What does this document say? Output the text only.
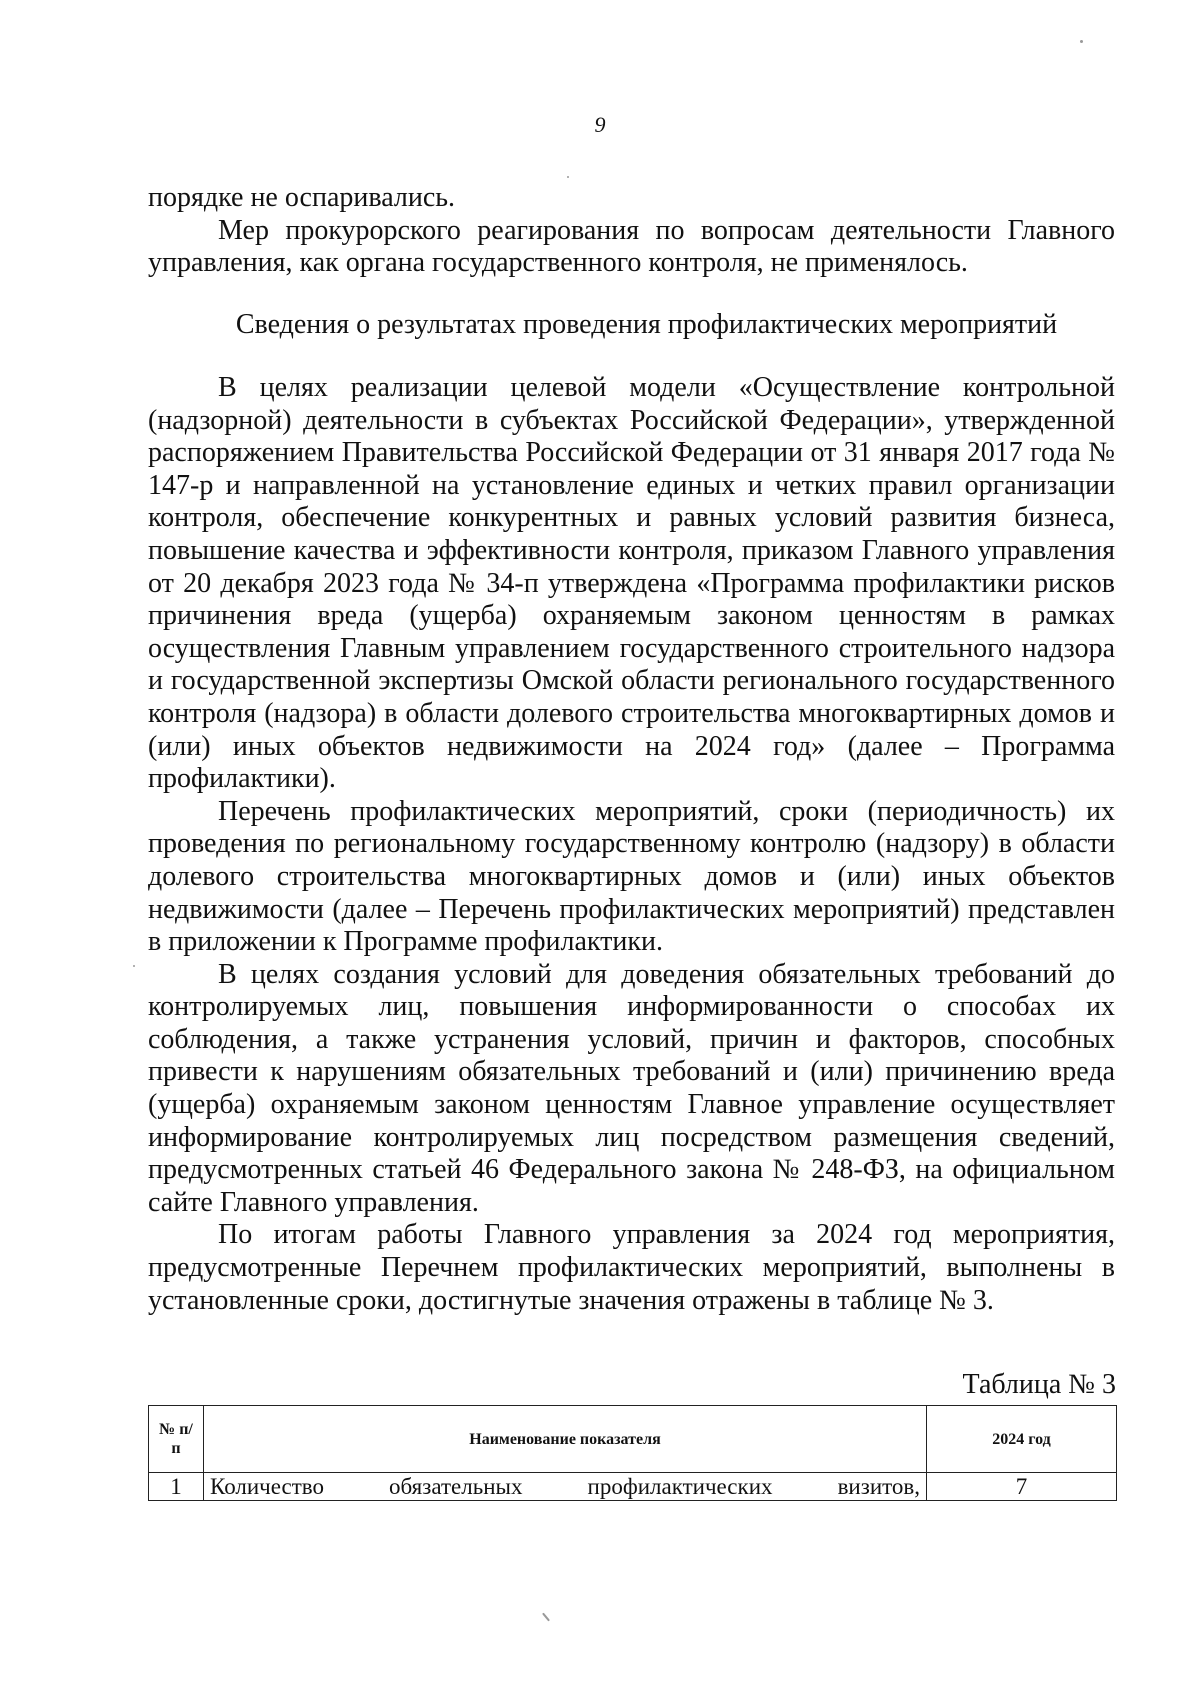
9

порядке не оспаривались.

Мер прокурорского реагирования по вопросам деятельности Главного управления, как органа государственного контроля, не применялось.

Сведения о результатах проведения профилактических мероприятий

В целях реализации целевой модели «Осуществление контрольной (надзорной) деятельности в субъектах Российской Федерации», утвержденной распоряжением Правительства Российской Федерации от 31 января 2017 года № 147-р и направленной на установление единых и четких правил организации контроля, обеспечение конкурентных и равных условий развития бизнеса, повышение качества и эффективности контроля, приказом Главного управления от 20 декабря 2023 года № 34-п утверждена «Программа профилактики рисков причинения вреда (ущерба) охраняемым законом ценностям в рамках осуществления Главным управлением государственного строительного надзора и государственной экспертизы Омской области регионального государственного контроля (надзора) в области долевого строительства многоквартирных домов и (или) иных объектов недвижимости на 2024 год» (далее – Программа профилактики).

Перечень профилактических мероприятий, сроки (периодичность) их проведения по региональному государственному контролю (надзору) в области долевого строительства многоквартирных домов и (или) иных объектов недвижимости (далее – Перечень профилактических мероприятий) представлен в приложении к Программе профилактики.

В целях создания условий для доведения обязательных требований до контролируемых лиц, повышения информированности о способах их соблюдения, а также устранения условий, причин и факторов, способных привести к нарушениям обязательных требований и (или) причинению вреда (ущерба) охраняемым законом ценностям Главное управление осуществляет информирование контролируемых лиц посредством размещения сведений, предусмотренных статьей 46 Федерального закона № 248-ФЗ, на официальном сайте Главного управления.

По итогам работы Главного управления за 2024 год мероприятия, предусмотренные Перечнем профилактических мероприятий, выполнены в установленные сроки, достигнутые значения отражены в таблице № 3.

Таблица № 3
№ п/п	Наименование показателя	2024 год
1	Количество обязательных профилактических визитов,	7
